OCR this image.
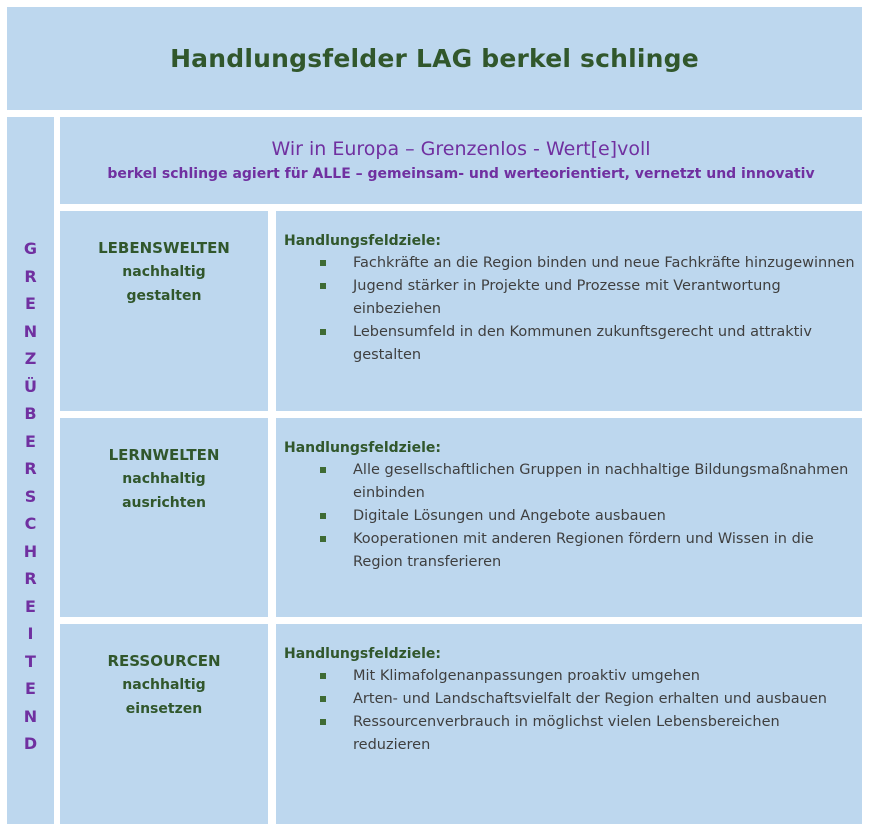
Handlungsfelder LAG berkel schlinge
G
R
E
N
Z
Ü
B
E
R
S
C
H
R
E
I
T
E
N
D
Wir in Europa – Grenzenlos - Wert[e]voll
berkel schlinge agiert für ALLE – gemeinsam- und werteorientiert, vernetzt und innovativ
LEBENSWELTEN
nachhaltig
gestalten
Handlungsfeldziele:
Fachkräfte an die Region binden und neue Fachkräfte hinzugewinnen
Jugend stärker in Projekte und Prozesse mit Verantwortung einbeziehen
Lebensumfeld in den Kommunen zukunftsgerecht und attraktiv gestalten
LERNWELTEN
nachhaltig
ausrichten
Handlungsfeldziele:
Alle gesellschaftlichen Gruppen in nachhaltige Bildungsmaßnahmen einbinden
Digitale Lösungen und Angebote ausbauen
Kooperationen mit anderen Regionen fördern und Wissen in die Region transferieren
RESSOURCEN
nachhaltig
einsetzen
Handlungsfeldziele:
Mit Klimafolgenanpassungen proaktiv umgehen
Arten- und Landschaftsvielfalt der Region erhalten und ausbauen
Ressourcenverbrauch in möglichst vielen Lebensbereichen reduzieren
